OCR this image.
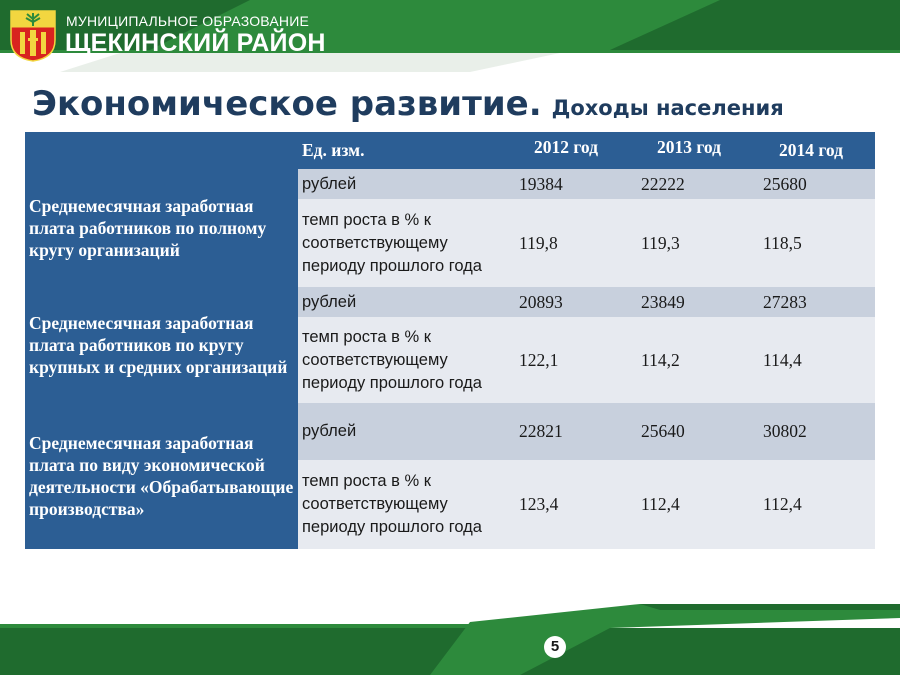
МУНИЦИПАЛЬНОЕ ОБРАЗОВАНИЕ
ЩЕКИНСКИЙ РАЙОН
Экономическое развитие. Доходы населения
	Ед. изм.	2012 год	2013 год	2014 год
Среднемесячная заработная плата работников по полному кругу организаций	рублей	19384	22222	25680
	темп роста в % к соответствующему периоду прошлого года	119,8	119,3	118,5
Среднемесячная заработная плата работников по кругу крупных и средних организаций	рублей	20893	23849	27283
	темп роста в % к соответствующему периоду прошлого года	122,1	114,2	114,4
Среднемесячная заработная плата по виду экономической деятельности «Обрабатывающие производства»	рублей	22821	25640	30802
	темп роста в % к соответствующему периоду прошлого года	123,4	112,4	112,4
5
